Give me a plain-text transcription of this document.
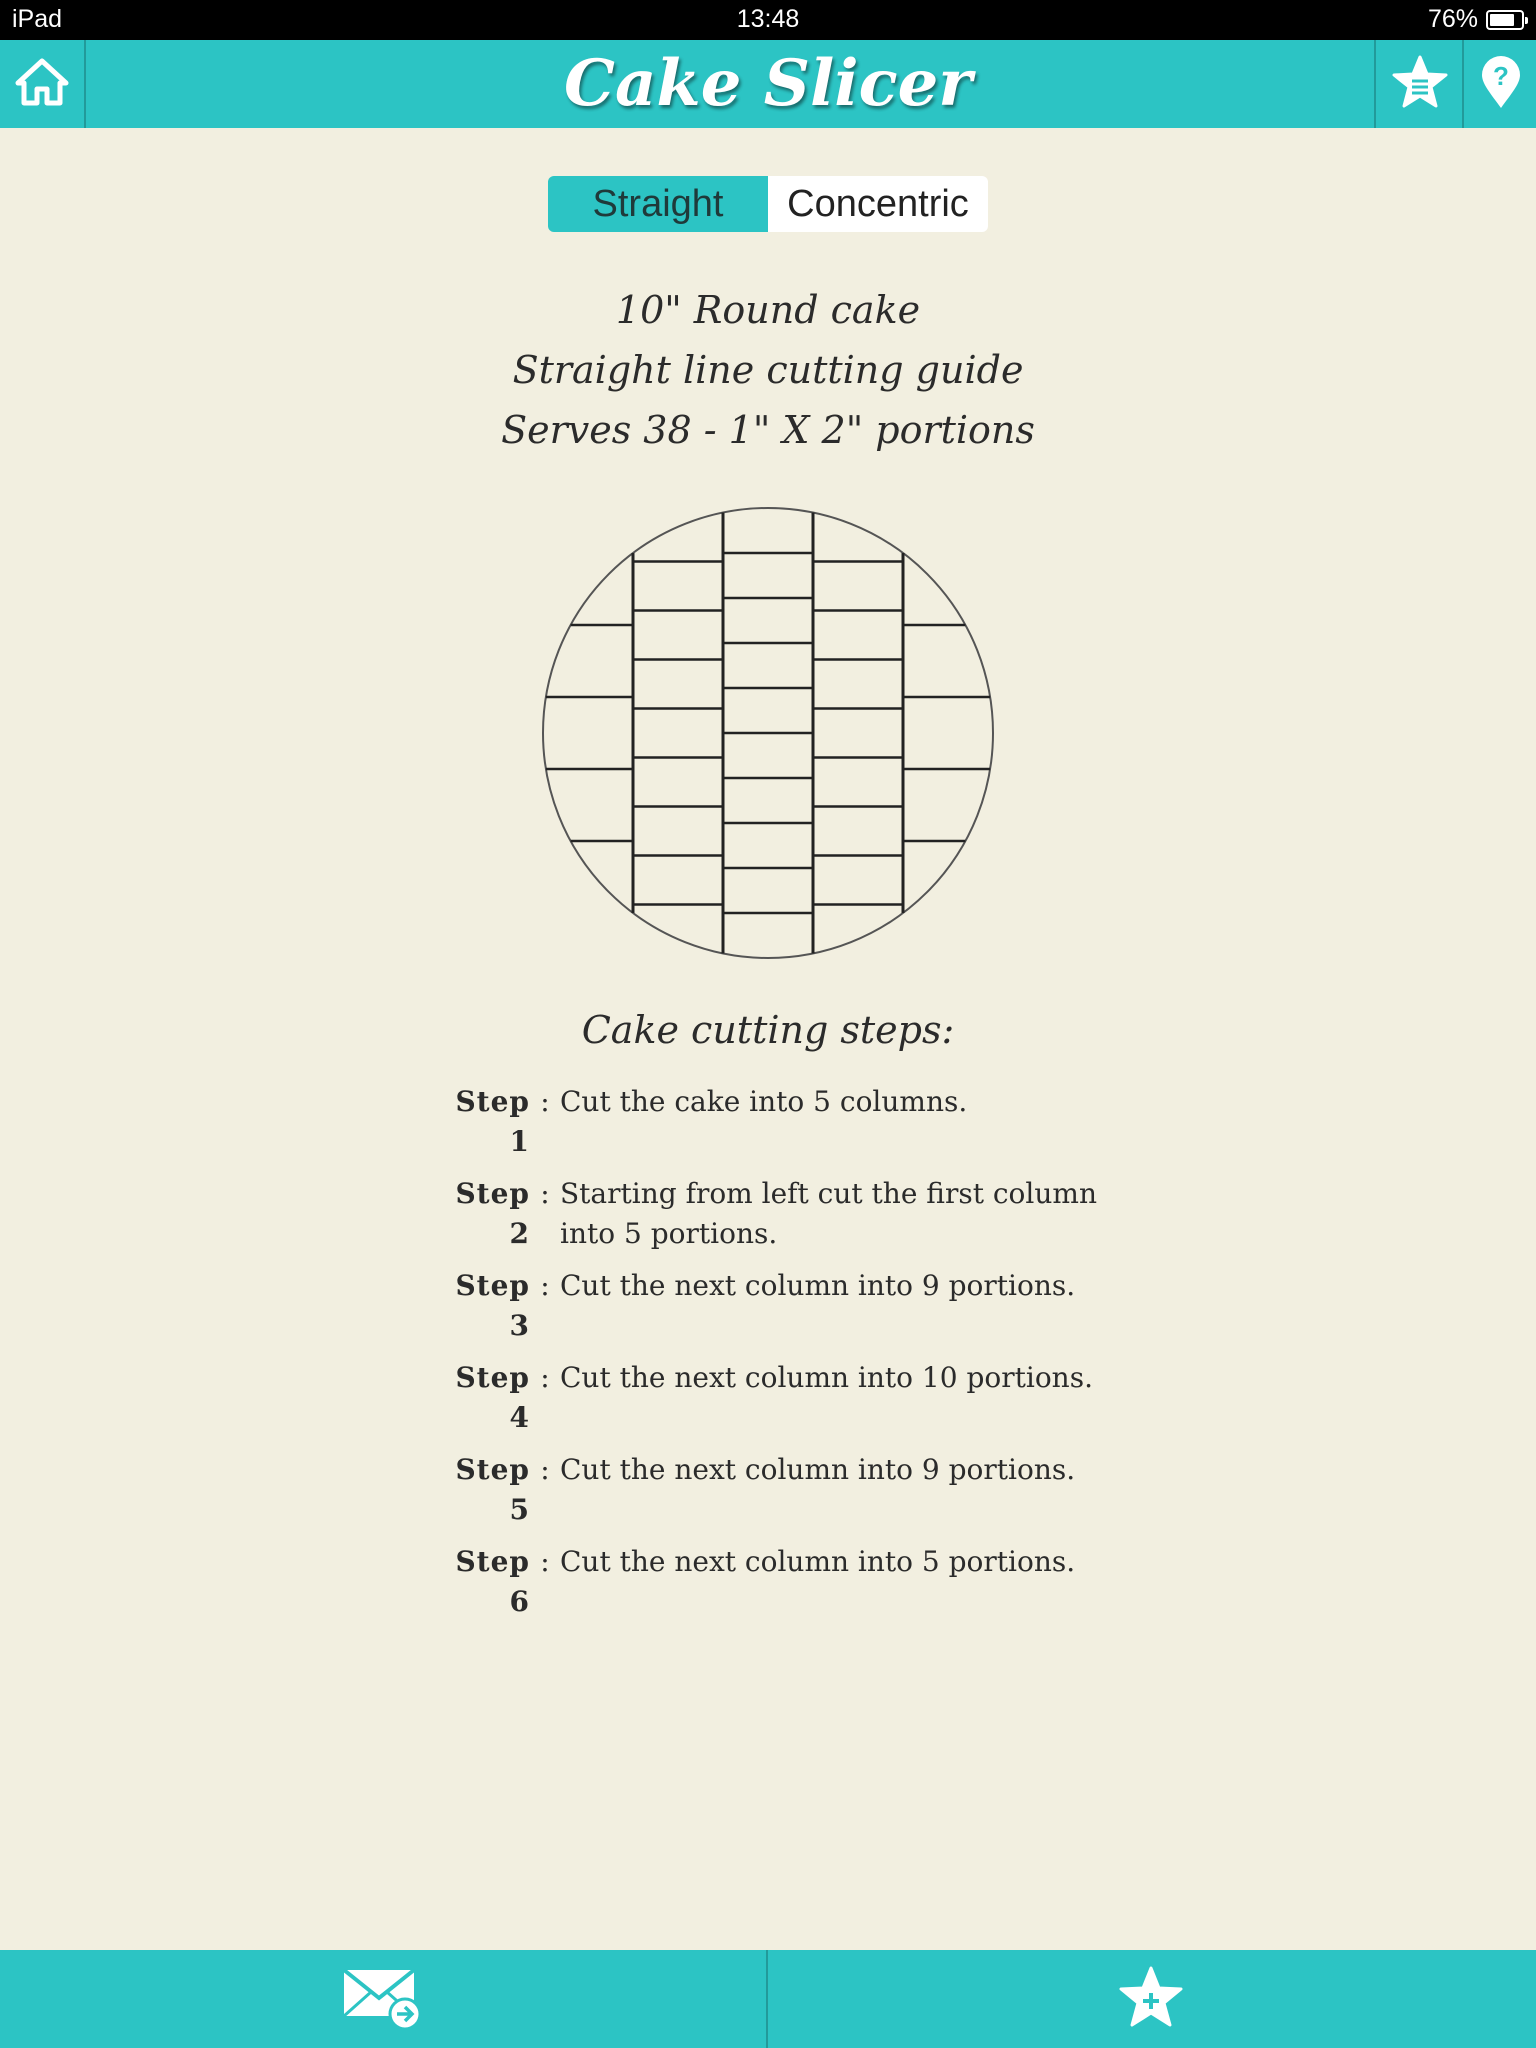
iPad	13:48	76%
Cake Slicer	?
Straight	Concentric
10" Round cake
Straight line cutting guide
Serves 38 - 1" X 2" portions
Cake cutting steps:
Step 1
: Cut the cake into 5 columns.
Step 2
: Starting from left cut the first column into 5 portions.
Step 3
: Cut the next column into 9 portions.
Step 4
: Cut the next column into 10 portions.
Step 5
: Cut the next column into 9 portions.
Step 6
: Cut the next column into 5 portions.
